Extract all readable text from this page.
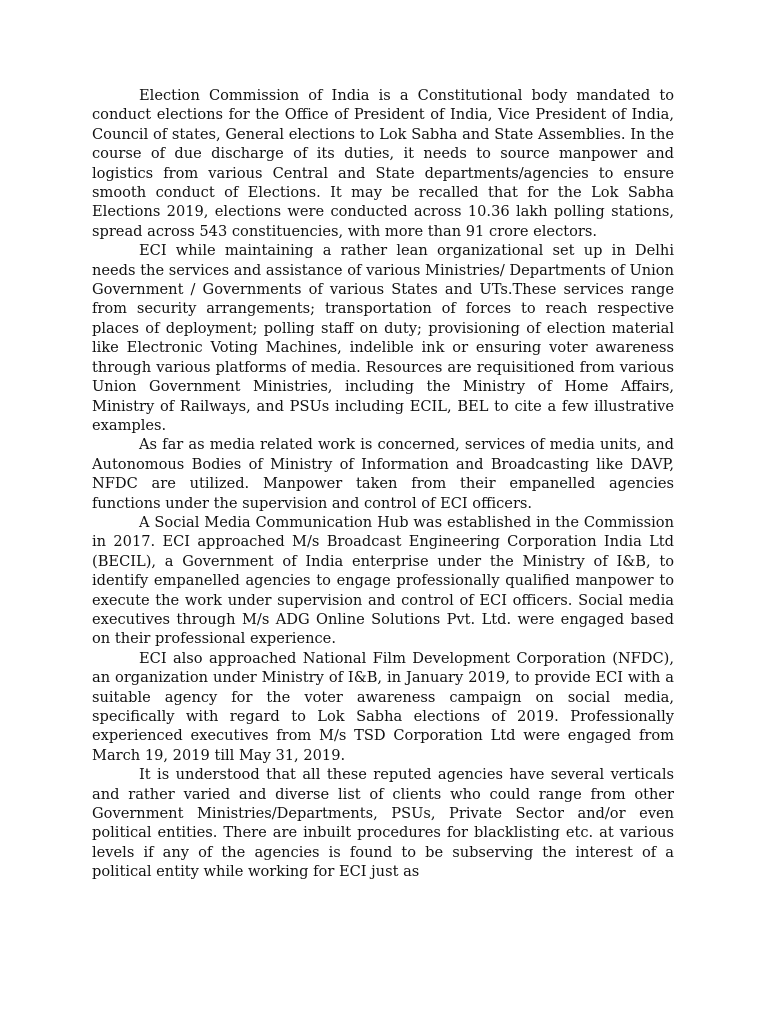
Election Commission of India is a Constitutional body mandated to conduct elections for the Office of President of India, Vice President of India, Council of states, General elections to Lok Sabha and State Assemblies. In the course of due discharge of its duties, it needs to source manpower and logistics from various Central and State departments/agencies to ensure smooth conduct of Elections. It may be recalled that for the Lok Sabha Elections 2019, elections were conducted across 10.36 lakh polling stations, spread across 543 constituencies, with more than 91 crore electors.

ECI while maintaining a rather lean organizational set up in Delhi needs the services and assistance of various Ministries/ Departments of Union Government / Governments of various States and UTs.These services range from security arrangements; transportation of forces to reach respective places of deployment; polling staff on duty; provisioning of election material like Electronic Voting Machines, indelible ink or ensuring voter awareness through various platforms of media. Resources are requisitioned from various Union Government Ministries, including the Ministry of Home Affairs, Ministry of Railways, and PSUs including ECIL, BEL to cite a few illustrative examples.

As far as media related work is concerned, services of media units, and Autonomous Bodies of Ministry of Information and Broadcasting like DAVP, NFDC are utilized. Manpower taken from their empanelled agencies functions under the supervision and control of ECI officers.

A Social Media Communication Hub was established in the Commission in 2017. ECI approached M/s Broadcast Engineering Corporation India Ltd (BECIL), a Government of India enterprise under the Ministry of I&B, to identify empanelled agencies to engage professionally qualified manpower to execute the work under supervision and control of ECI officers. Social media executives through M/s ADG Online Solutions Pvt. Ltd. were engaged based on their professional experience.

ECI also approached National Film Development Corporation (NFDC), an organization under Ministry of I&B, in January 2019, to provide ECI with a suitable agency for the voter awareness campaign on social media, specifically with regard to Lok Sabha elections of 2019. Professionally experienced executives from M/s TSD Corporation Ltd were engaged from March 19, 2019 till May 31, 2019.

It is understood that all these reputed agencies have several verticals and rather varied and diverse list of clients who could range from other Government Ministries/Departments, PSUs, Private Sector and/or even political entities. There are inbuilt procedures for blacklisting etc. at various levels if any of the agencies is found to be subserving the interest of a political entity while working for ECI just as
